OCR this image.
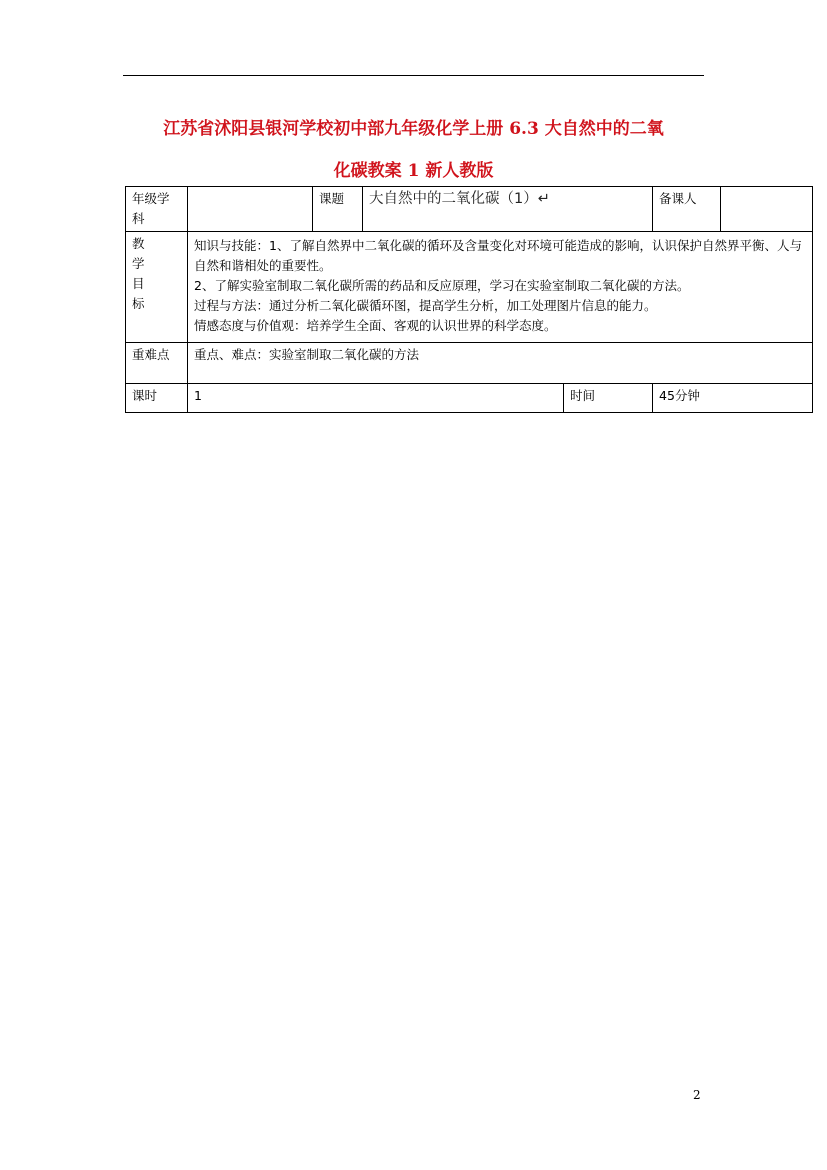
江苏省沭阳县银河学校初中部九年级化学上册 6.3 大自然中的二氧
化碳教案 1 新人教版
年级学科		课题	大自然中的二氧化碳（1）↵		备课人	

教
学
目
标	知识与技能：1、了解自然界中二氧化碳的循环及含量变化对环境可能造成的影响，认识保护自然界平衡、人与自然和谐相处的重要性。
2、了解实验室制取二氧化碳所需的药品和反应原理，学习在实验室制取二氧化碳的方法。
过程与方法：通过分析二氧化碳循环图，提高学生分析，加工处理图片信息的能力。
情感态度与价值观：培养学生全面、客观的认识世界的科学态度。					

重难点	重点、难点：实验室制取二氧化碳的方法					
课时	1			时间	45分钟	
2
